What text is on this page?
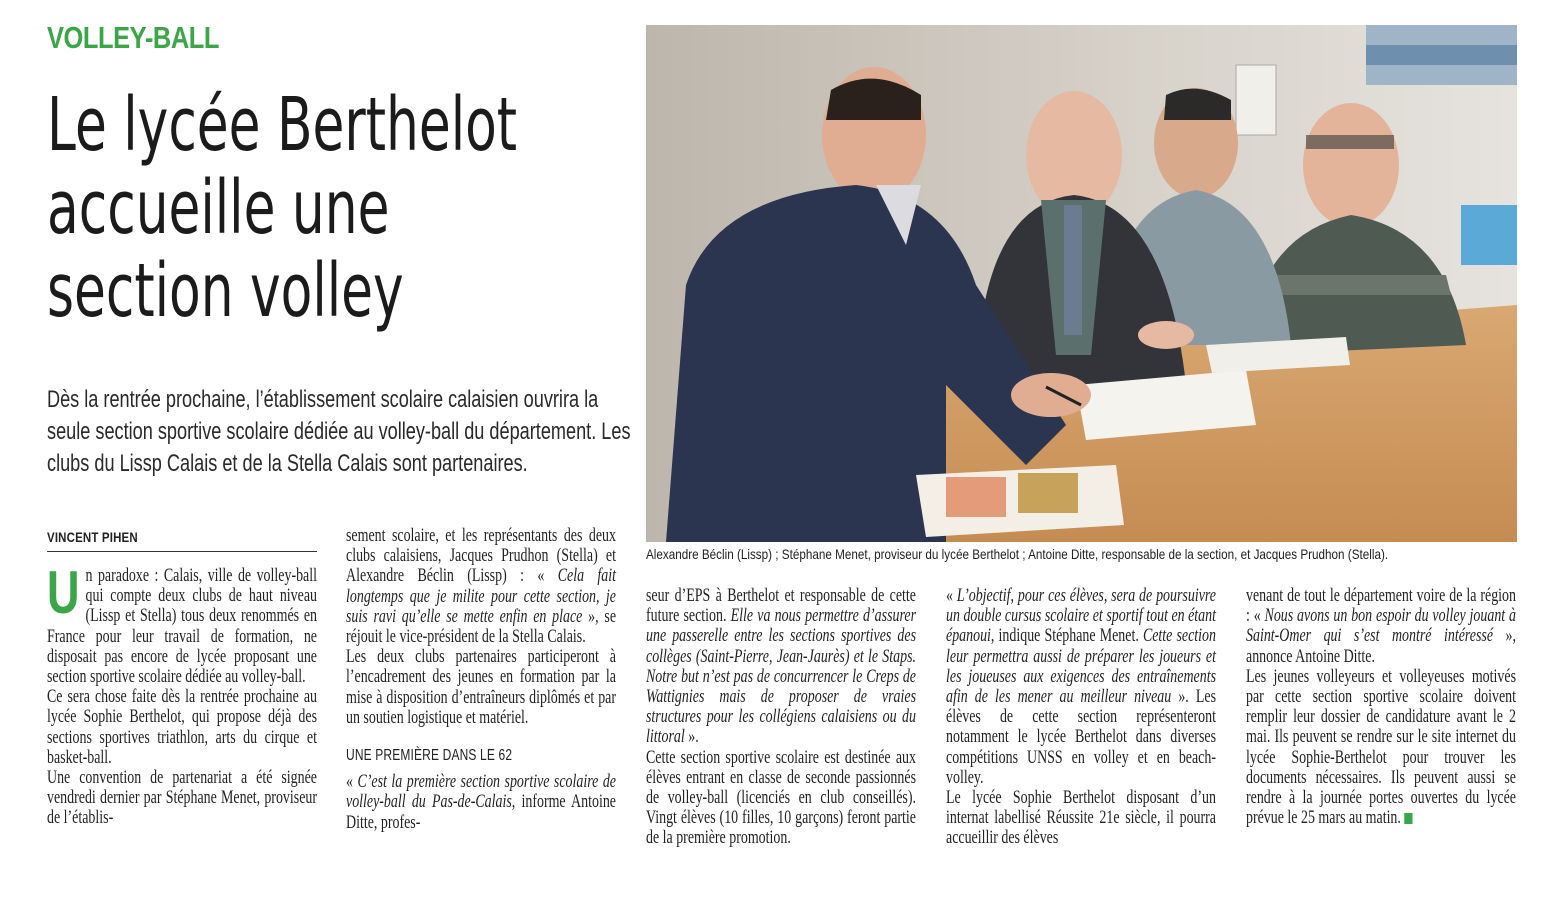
VOLLEY-BALL
Le lycée Berthelot
accueille une
section volley

Dès la rentrée prochaine, l’établissement scolaire calaisien ouvrira la seule section sportive scolaire dédiée au volley-ball du département. Les clubs du Lissp Calais et de la Stella Calais sont partenaires.

VINCENT PIHEN
Alexandre Béclin (Lissp) ; Stéphane Menet, proviseur du lycée Berthelot ; Antoine Ditte, responsable de la section, et Jacques Prudhon (Stella).

Un paradoxe : Calais, ville de volley-ball qui compte deux clubs de haut niveau (Lissp et Stella) tous deux renommés en France pour leur travail de formation, ne disposait pas encore de lycée proposant une section sportive scolaire dédiée au volley-ball.

Ce sera chose faite dès la rentrée prochaine au lycée Sophie Berthelot, qui propose déjà des sections sportives triathlon, arts du cirque et basket-ball.

Une convention de partenariat a été signée vendredi dernier par Stéphane Menet, proviseur de l’établis-

sement scolaire, et les représentants des deux clubs calaisiens, Jacques Prudhon (Stella) et Alexandre Béclin (Lissp) : « Cela fait longtemps que je milite pour cette section, je suis ravi qu’elle se mette enfin en place », se réjouit le vice-président de la Stella Calais.

Les deux clubs partenaires participeront à l’encadrement des jeunes en formation par la mise à disposition d’entraîneurs diplômés et par un soutien logistique et matériel.

UNE PREMIÈRE DANS LE 62

« C’est la première section sportive scolaire de volley-ball du Pas-de-Calais, informe Antoine Ditte, profes-

seur d’EPS à Berthelot et responsable de cette future section. Elle va nous permettre d’assurer une passerelle entre les sections sportives des collèges (Saint-Pierre, Jean-Jaurès) et le Staps. Notre but n’est pas de concurrencer le Creps de Wattignies mais de proposer de vraies structures pour les collégiens calaisiens ou du littoral ».

Cette section sportive scolaire est destinée aux élèves entrant en classe de seconde passionnés de volley-ball (licenciés en club conseillés). Vingt élèves (10 filles, 10 garçons) feront partie de la première promotion.

« L’objectif, pour ces élèves, sera de poursuivre un double cursus scolaire et sportif tout en étant épanoui, indique Stéphane Menet. Cette section leur permettra aussi de préparer les joueurs et les joueuses aux exigences des entraînements afin de les mener au meilleur niveau ». Les élèves de cette section représenteront notamment le lycée Berthelot dans diverses compétitions UNSS en volley et en beach-volley.

Le lycée Sophie Berthelot disposant d’un internat labellisé Réussite 21e siècle, il pourra accueillir des élèves

venant de tout le département voire de la région : « Nous avons un bon espoir du volley jouant à Saint-Omer qui s’est montré intéressé », annonce Antoine Ditte.

Les jeunes volleyeurs et volleyeuses motivés par cette section sportive scolaire doivent remplir leur dossier de candidature avant le 2 mai. Ils peuvent se rendre sur le site internet du lycée Sophie-Berthelot pour trouver les documents nécessaires. Ils peuvent aussi se rendre à la journée portes ouvertes du lycée prévue le 25 mars au matin.
